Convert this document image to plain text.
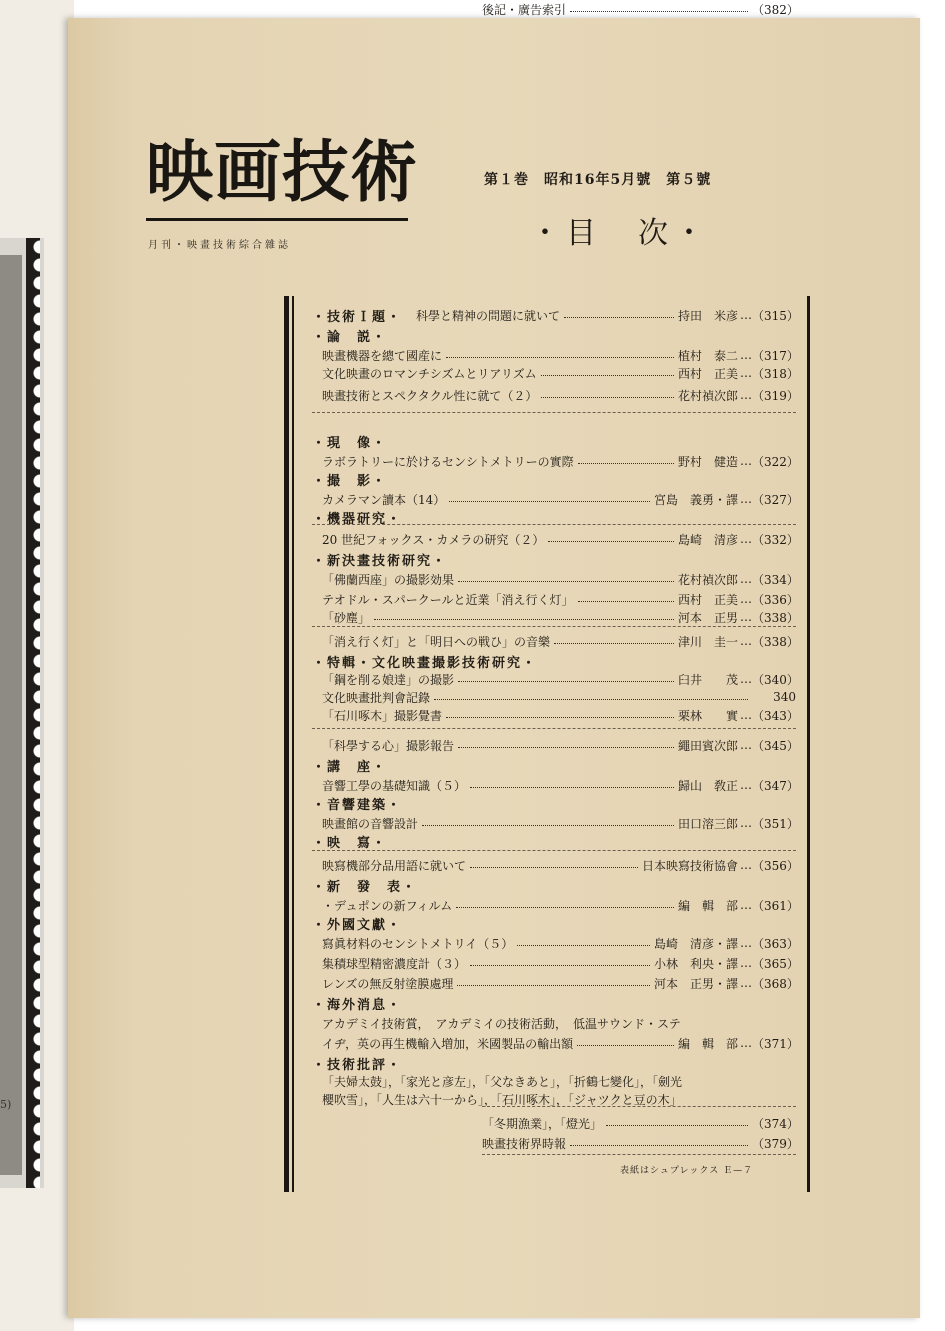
5)
映画技術
月刊・映畫技術綜合雜誌
第１巻　昭和16年5月號　第５號
・目　次・
・技術Ｉ題・ 科學と精神の問題に就いて	持田　米彦 … （315）
・論　説・
映畫機器を總て國産に	植村　泰二 … （317）
文化映畫のロマンチシズムとリアリズム	西村　正美 … （318）
映畫技術とスペクタクル性に就て（２）	花村禎次郎 … （319）
・現　像・
ラボラトリーに於けるセンシトメトリーの實際	野村　健造 … （322）
・撮　影・
カメラマン讀本（14）	宮島　義勇・譯 … （327）
・機器研究・
20 世紀フォックス・カメラの研究（２）	島崎　清彦 … （332）
・新決畫技術研究・
「佛蘭西座」の撮影効果	花村禎次郎 … （334）
テオドル・スパークールと近業「消え行く灯」	西村　正美 … （336）
「砂塵」	河本　正男 … （338）
「消え行く灯」と「明日への戦ひ」の音樂	津川　圭一 … （338）
・特輯・文化映畫撮影技術研究・
「鋼を削る娘達」の撮影	臼井　　茂 … （340）
文化映畫批判會記錄	340
「石川啄木」撮影覺書	栗林　　實 … （343）
「科學する心」撮影報告	繩田賓次郎 … （345）
・講　座・
音響工學の基礎知識（５）	歸山　敎正 … （347）
・音響建築・
映畫館の音響設計	田口溶三郎 … （351）
・映　寫・
映寫機部分品用語に就いて	日本映寫技術協會 … （356）
・新　發　表・
・デュポンの新フィルム	編　輯　部 … （361）
・外國文獻・
寫眞材料のセンシトメトリイ（５）	島崎　清彦・譯 … （363）
集積球型精密濃度計（３）	小林　利央・譯 … （365）
レンズの無反射塗膜處理	河本　正男・譯 … （368）
・海外消息・
アカデミイ技術賞，　アカデミイの技術活動，　低温サウンド・ステ
イヂ，英の再生機輸入増加，米國製品の輸出額	編　輯　部 … （371）
・技術批評・
「夫婦太鼓」，「家光と彦左」，「父なきあと」，「折鶴七變化」，「劍光
櫻吹雪」，「人生は六十一から」，「石川啄木」，「ジャツクと豆の木」
「冬期漁業」，「燈光」	（374）
映畫技術界時報	（379）
後記・廣告索引	（382）
表紙はシュプレックス Ｅ—７
